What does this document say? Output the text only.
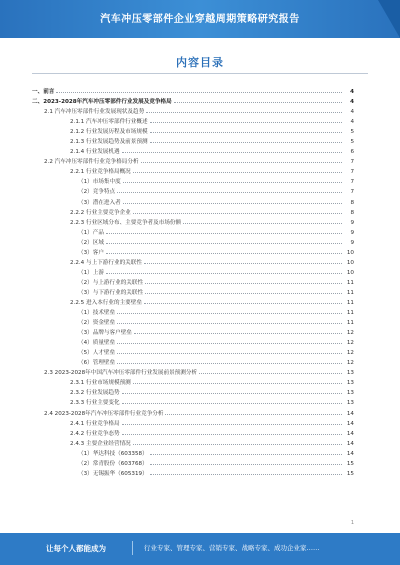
汽车冲压零部件企业穿越周期策略研究报告
内容目录
一、前言	4
二、2023-2028年汽车冲压零部件行业发展及竞争格局	4
2.1 汽车冲压零部件行业发展现状及趋势	4
2.1.1 汽车冲压零部件行业概述	4
2.1.2 行业发展历程及市场规模	5
2.1.3 行业发展趋势及前景预测	5
2.1.4 行业发展机遇	6
2.2 汽车冲压零部件行业竞争格局分析	7
2.2.1 行业竞争格局概况	7
（1）市场集中度	7
（2）竞争特点	7
（3）潜在进入者	8
2.2.2 行业主要竞争企业	8
2.2.3 行业区域分布、主要竞争者及市场份额	9
（1）产品	9
（2）区域	9
（3）客户	10
2.2.4 与上下游行业的关联性	10
（1）上游	10
（2）与上游行业的关联性	11
（3）与下游行业的关联性	11
2.2.5 进入本行业的主要壁垒	11
（1）技术壁垒	11
（2）资金壁垒	11
（3）品牌与客户壁垒	12
（4）质量壁垒	12
（5）人才壁垒	12
（6）管理壁垒	12
2.3 2023-2028年中国汽车冲压零部件行业发展前景预测分析	13
2.3.1 行业市场规模预测	13
2.3.2 行业发展趋势	13
2.3.3 行业主要变化	13
2.4 2023-2028年汽车冲压零部件行业竞争分析	14
2.4.1 行业竞争格局	14
2.4.2 行业竞争态势	14
2.4.3 主要企业经营情况	14
（1）华达科技（603358）	14
（2）常青股份（603768）	15
（3）无锡振华（605319）	15
1
让每个人都能成为	行业专家、管理专家、营销专家、战略专家、成功企业家……
